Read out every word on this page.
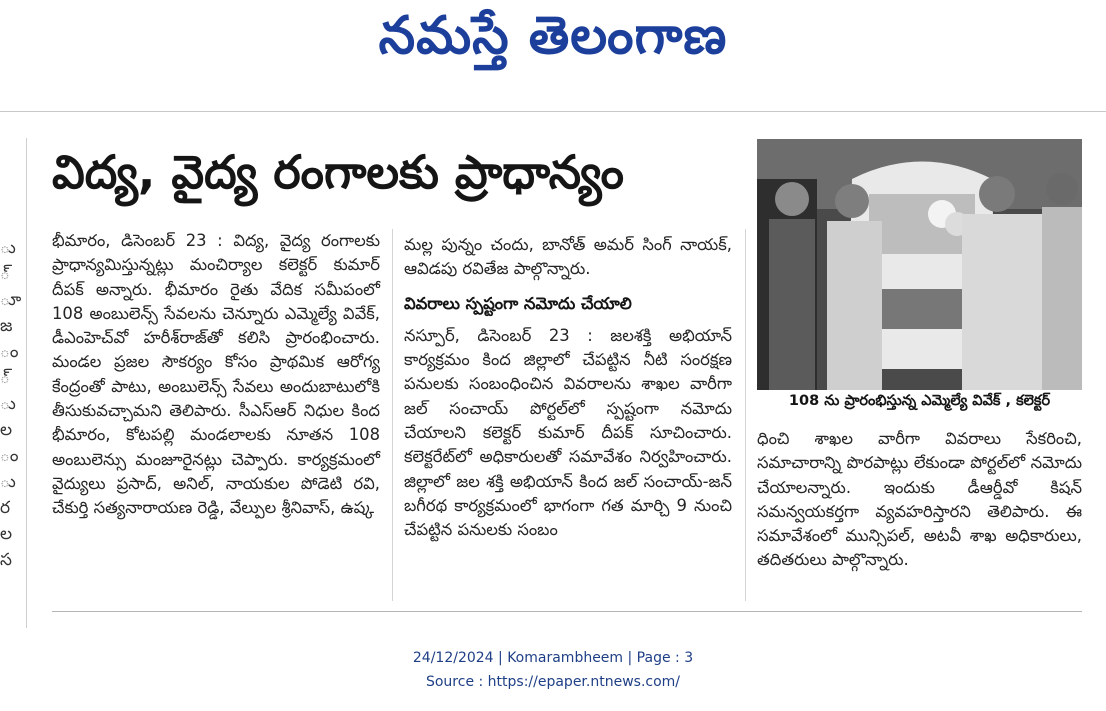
నమస్తే తెలంగాణ
ు
్
ూ
జ
ం
్
ు
ల
ం
ు
ర
ల
స
విద్య, వైద్య రంగాలకు ప్రాధాన్యం

భీమారం, డిసెంబర్ 23 : విద్య, వైద్య రంగాలకు ప్రాధాన్యమిస్తున్నట్లు మంచిర్యాల కలెక్టర్ కుమార్ దీపక్ అన్నారు. భీమారం రైతు వేదిక సమీపంలో 108 అంబులెన్స్ సేవలను చెన్నూరు ఎమ్మెల్యే వివేక్, డీఎంహెచ్‌వో హరీశ్‌రాజ్‌తో కలిసి ప్రారంభించారు. మండల ప్రజల సౌకర్యం కోసం ప్రాథమిక ఆరోగ్య కేంద్రంతో పాటు, అంబులెన్స్ సేవలు అందుబాటులోకి తీసుకువచ్చామని తెలిపారు. సీఎస్ఆర్ నిధుల కింద భీమారం, కోటపల్లి మండలాలకు నూతన 108 అంబులెన్సు మంజూరైనట్లు చెప్పారు. కార్యక్రమంలో వైద్యులు ప్రసాద్, అనిల్, నాయకుల పోడెటి రవి, చేకుర్తి సత్యనారాయణ రెడ్డి, వేల్పుల శ్రీనివాస్, ఉష్క

మల్ల పున్నం చందు, బానోత్ అమర్ సింగ్ నాయక్, ఆవిడపు రవితేజ పాల్గొన్నారు.

వివరాలు స్పష్టంగా నమోదు చేయాలి

నస్పూర్, డిసెంబర్ 23 : జలశక్తి అభియాన్ కార్యక్రమం కింద జిల్లాలో చేపట్టిన నీటి సంరక్షణ పనులకు సంబంధించిన వివరాలను శాఖల వారీగా జల్ సంచాయ్ పోర్టల్‌లో స్పష్టంగా నమోదు చేయాలని కలెక్టర్ కుమార్ దీపక్ సూచించారు. కలెక్టరేట్‌లో అధికారులతో సమావేశం నిర్వహించారు. జిల్లాలో జల శక్తి అభియాన్ కింద జల్ సంచాయ్-జన్ బగీరథ కార్యక్రమంలో భాగంగా గత మార్చి 9 నుంచి చేపట్టిన పనులకు సంబం

108 ను ప్రారంభిస్తున్న ఎమ్మెల్యే వివేక్ , కలెక్టర్

ధించి శాఖల వారీగా వివరాలు సేకరించి, సమాచారాన్ని పొరపాట్లు లేకుండా పోర్టల్‌లో నమోదు చేయాలన్నారు. ఇందుకు డీఆర్డీవో కిషన్ సమన్వయకర్తగా వ్యవహరిస్తారని తెలిపారు. ఈ సమావేశంలో మున్సిపల్, అటవీ శాఖ అధికారులు, తదితరులు పాల్గొన్నారు.

24/12/2024 | Komarambheem | Page : 3
Source : https://epaper.ntnews.com/
